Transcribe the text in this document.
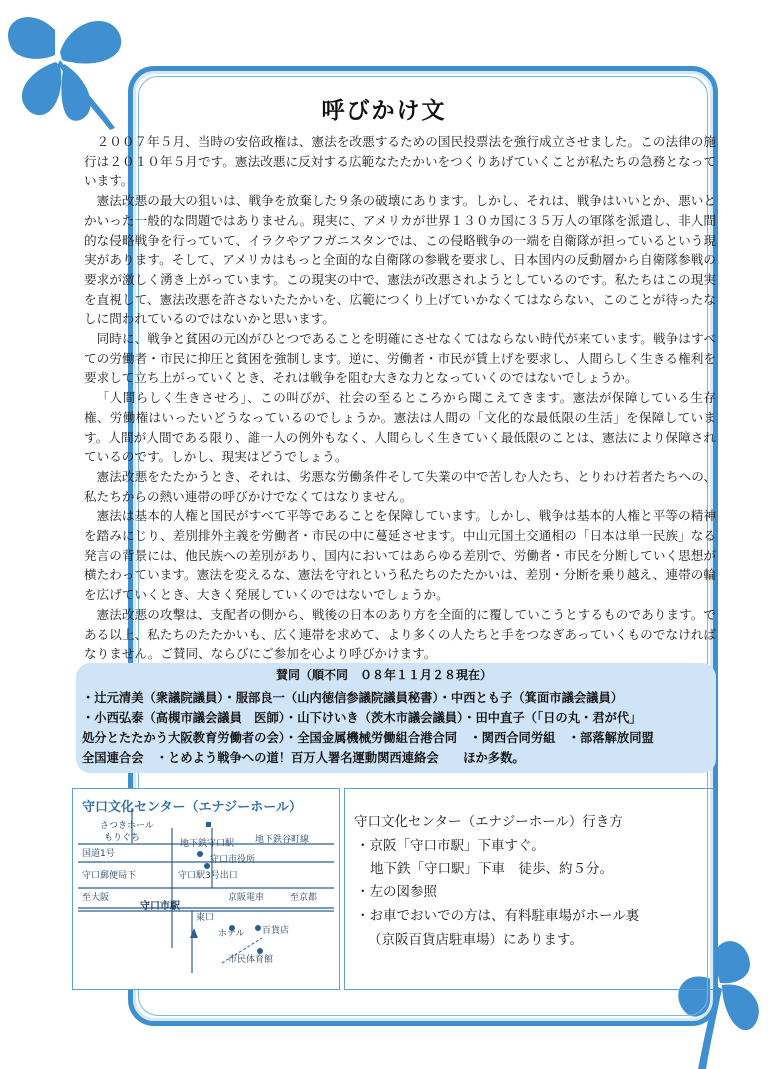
呼びかけ文

２００７年５月、当時の安倍政権は、憲法を改悪するための国民投票法を強行成立させました。この法律の施行は２０１０年５月です。憲法改悪に反対する広範なたたかいをつくりあげていくことが私たちの急務となっています。

憲法改悪の最大の狙いは、戦争を放棄した９条の破壊にあります。しかし、それは、戦争はいいとか、悪いとかいった一般的な問題ではありません。現実に、アメリカが世界１３０カ国に３５万人の軍隊を派遣し、非人間的な侵略戦争を行っていて、イラクやアフガニスタンでは、この侵略戦争の一端を自衛隊が担っているという現実があります。そして、アメリカはもっと全面的な自衛隊の参戦を要求し、日本国内の反動層から自衛隊参戦の要求が激しく湧き上がっています。この現実の中で、憲法が改悪されようとしているのです。私たちはこの現実を直視して、憲法改悪を許さないたたかいを、広範につくり上げていかなくてはならない、このことが待ったなしに問われているのではないかと思います。

同時に、戦争と貧困の元凶がひとつであることを明確にさせなくてはならない時代が来ています。戦争はすべての労働者・市民に抑圧と貧困を強制します。逆に、労働者・市民が賃上げを要求し、人間らしく生きる権利を要求して立ち上がっていくとき、それは戦争を阻む大きな力となっていくのではないでしょうか。

「人間らしく生きさせろ」、この叫びが、社会の至るところから聞こえてきます。憲法が保障している生存権、労働権はいったいどうなっているのでしょうか。憲法は人間の「文化的な最低限の生活」を保障しています。人間が人間である限り、誰一人の例外もなく、人間らしく生きていく最低限のことは、憲法により保障されているのです。しかし、現実はどうでしょう。

憲法改悪をたたかうとき、それは、劣悪な労働条件そして失業の中で苦しむ人たち、とりわけ若者たちへの、私たちからの熱い連帯の呼びかけでなくてはなりません。

憲法は基本的人権と国民がすべて平等であることを保障しています。しかし、戦争は基本的人権と平等の精神を踏みにじり、差別排外主義を労働者・市民の中に蔓延させます。中山元国土交通相の「日本は単一民族」なる発言の背景には、他民族への差別があり、国内においてはあらゆる差別で、労働者・市民を分断していく思想が横たわっています。憲法を変えるな、憲法を守れという私たちのたたかいは、差別・分断を乗り越え、連帯の輪を広げていくとき、大きく発展していくのではないでしょうか。

憲法改悪の攻撃は、支配者の側から、戦後の日本のあり方を全面的に覆していこうとするものであります。である以上、私たちのたたかいも、広く連帯を求めて、より多くの人たちと手をつなぎあっていくものでなければなりません。ご賛同、ならびにご参加を心より呼びかけます。

賛同（順不同　０８年１１月２８現在）
・辻元清美（衆議院議員）・服部良一（山内徳信参議院議員秘書）・中西とも子（箕面市議会議員）
・小西弘泰（高槻市議会議員　医師）・山下けいき（茨木市議会議員）・田中直子（「日の丸・君が代」
処分とたたかう大阪教育労働者の会）・全国金属機械労働組合港合同　・関西合同労組　・部落解放同盟
全国連合会　・とめよう戦争への道！百万人署名運動関西連絡会　　ほか多数。
守口文化センター（エナジーホール）
さつきホール
もりぐち	地下鉄谷町線
地下鉄守口駅
守口市役所
国道1号
守口郵便局下	守口駅3号出口
至大阪	京阪電車	至京都
守口市駅
東口
百貨店
ホテル
市民体育館
守口文化センター（エナジーホール）行き方
・京阪「守口市駅」下車すぐ。
地下鉄「守口駅」下車　徒歩、約５分。
・左の図参照
・お車でおいでの方は、有料駐車場がホール裏
（京阪百貨店駐車場）にあります。
